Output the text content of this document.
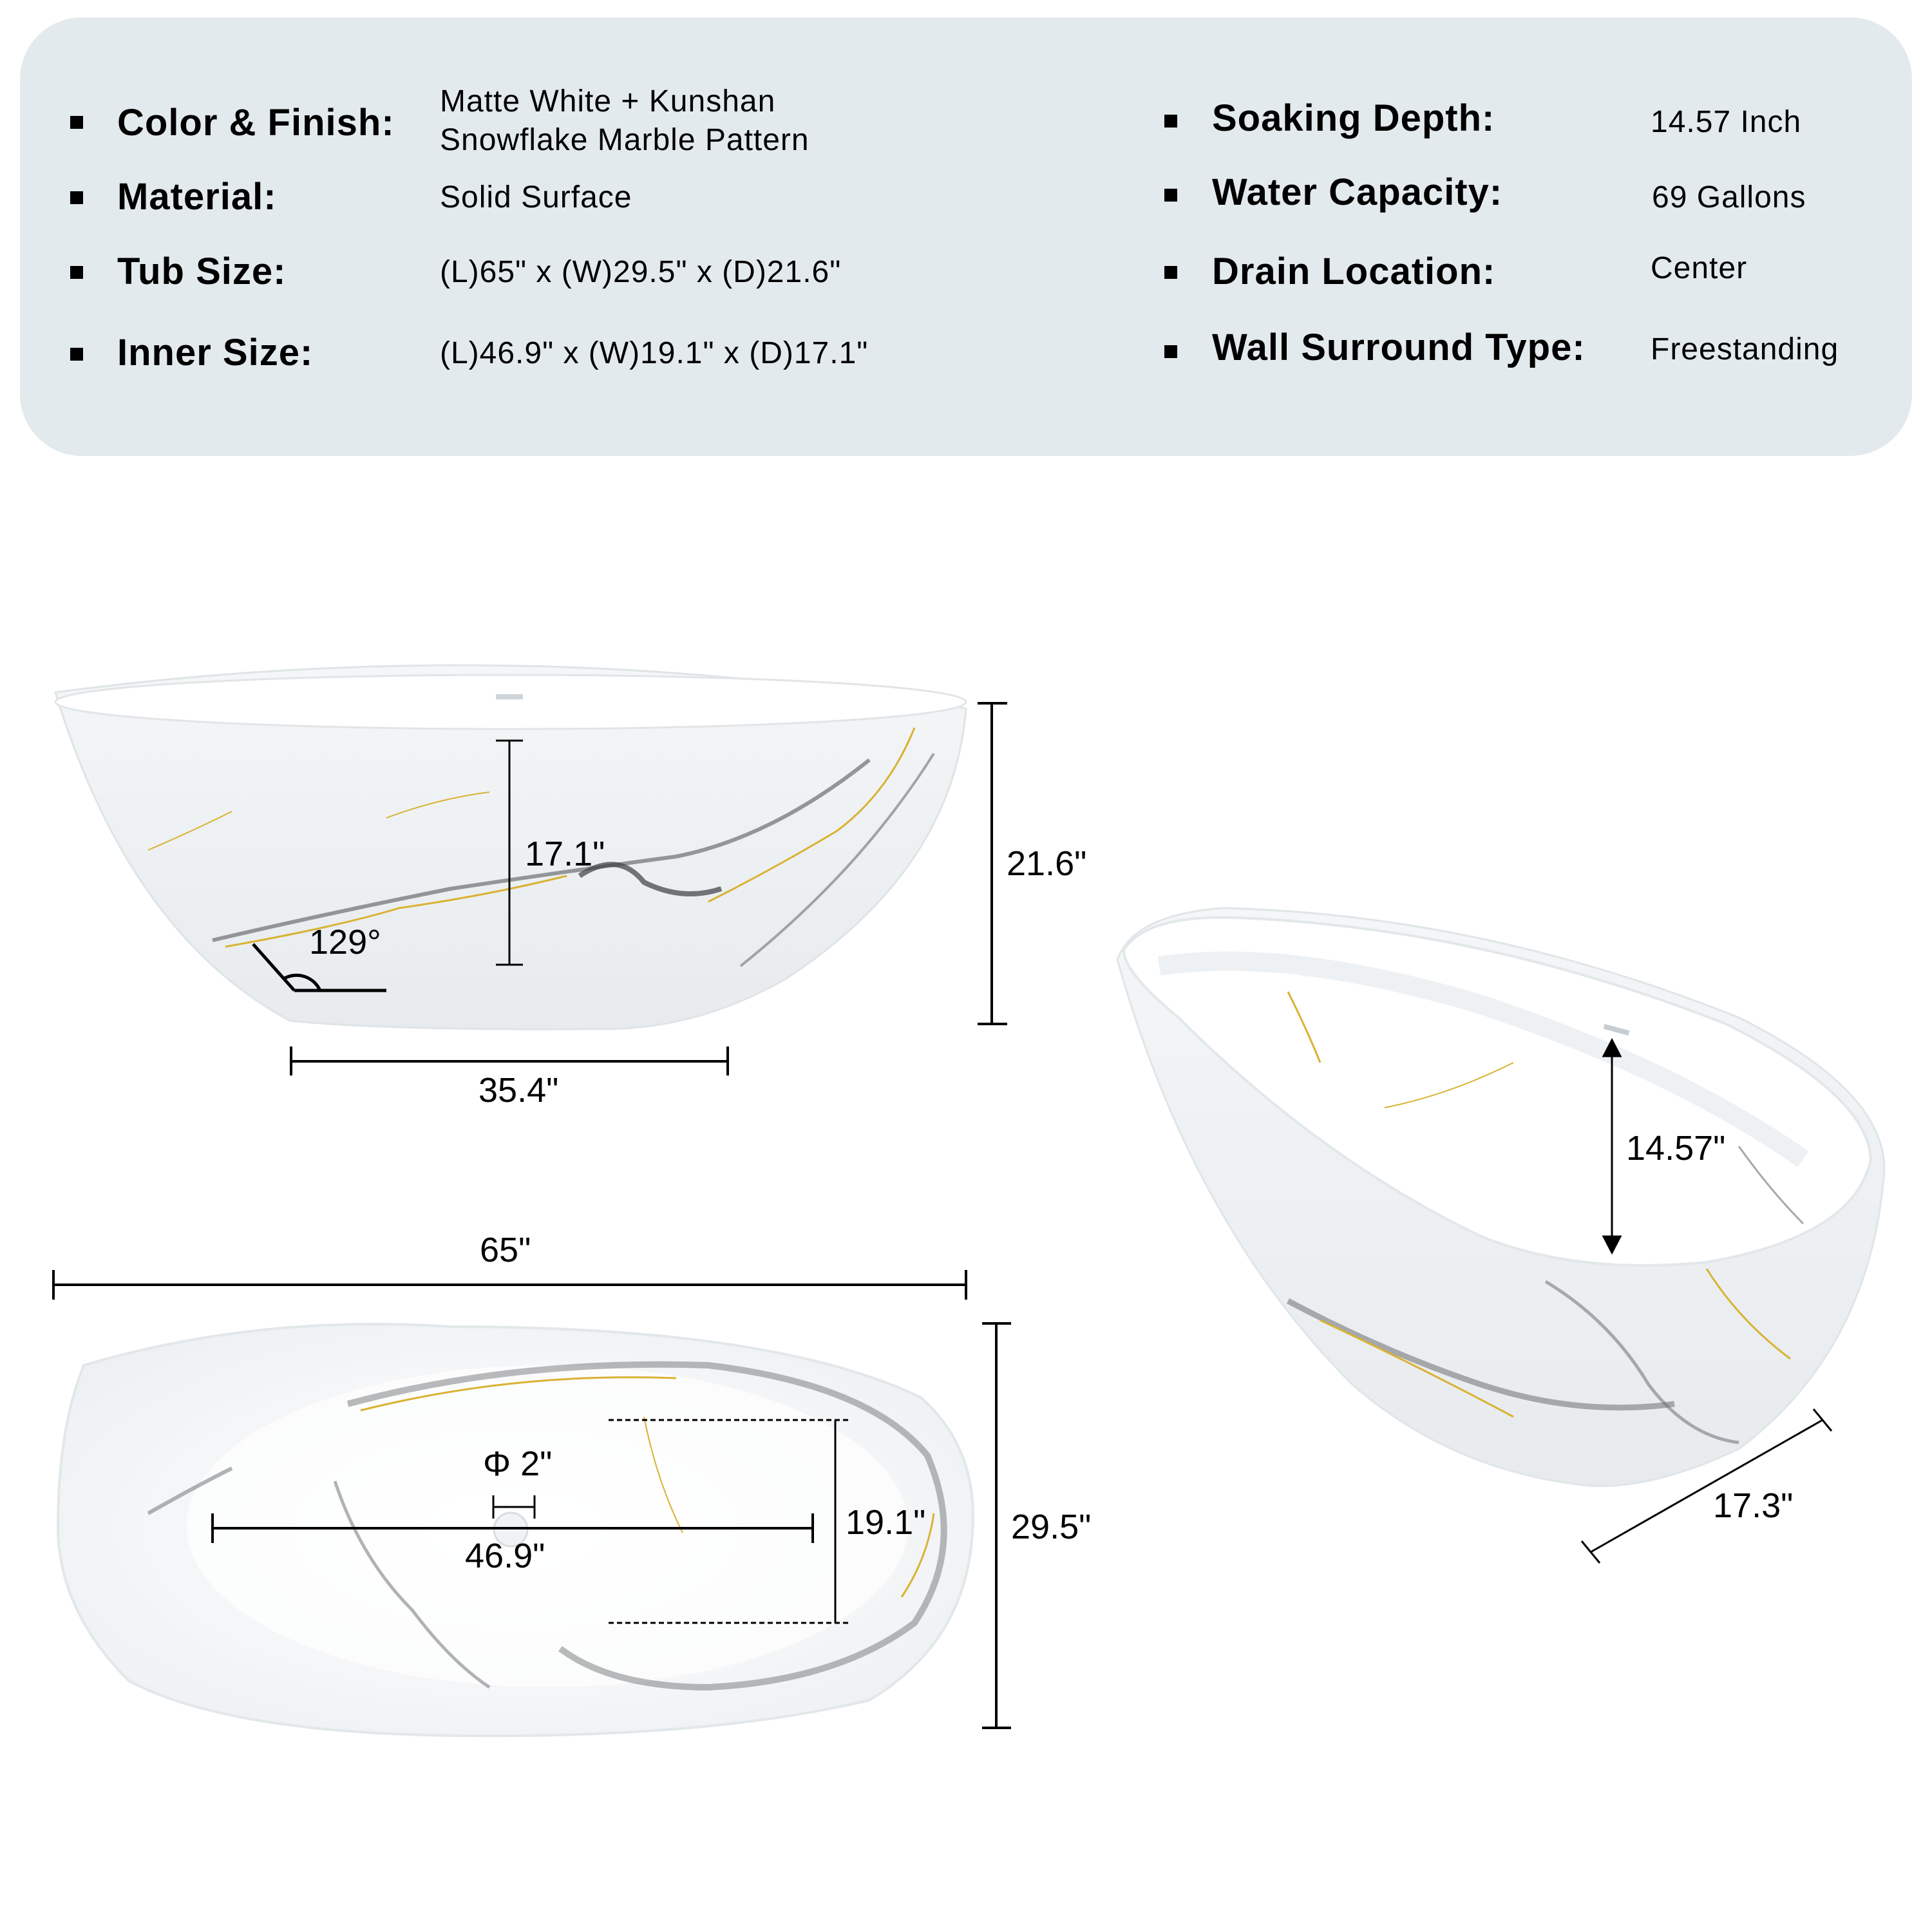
Color & Finish:
Matte White + Kunshan
Snowflake Marble Pattern
Material:	Solid Surface
Tub Size:	(L)65" x (W)29.5" x (D)21.6"
Inner Size:	(L)46.9" x (W)19.1" x (D)17.1"
Soaking Depth:	14.57 Inch
Water Capacity:	69 Gallons
Drain Location:	Center
Wall Surround Type: Freestanding
17.1"
129°
21.6"
35.4"
65"
29.5"
19.1"
46.9"
Φ 2"
14.57"
17.3"
